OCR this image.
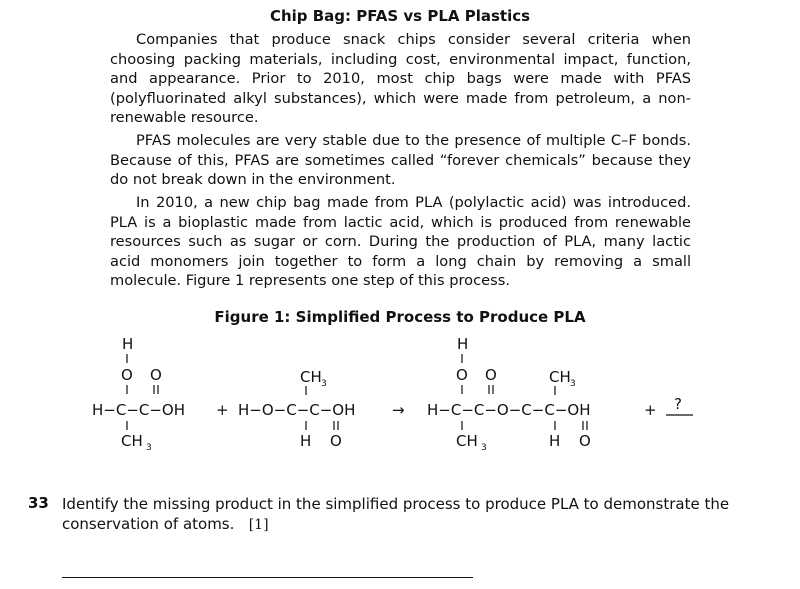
Chip Bag: PFAS vs PLA Plastics

Companies that produce snack chips consider several criteria when choosing packing materials, including cost, environmental impact, function, and appearance. Prior to 2010, most chip bags were made with PFAS (polyfluorinated alkyl substances), which were made from petroleum, a non-renewable resource.

PFAS molecules are very stable due to the presence of multiple C–F bonds. Because of this, PFAS are sometimes called “forever chemicals” because they do not break down in the environment.

In 2010, a new chip bag made from PLA (polylactic acid) was introduced. PLA is a bioplastic made from lactic acid, which is produced from renewable resources such as sugar or corn. During the production of PLA, many lactic acid monomers join together to form a long chain by removing a small molecule. Figure 1 represents one step of this process.

Figure 1: Simplified Process to Produce PLA
H
O O
H−C−C−OH
CH 3
+
CH 3
H−O−C−C−OH
H O
→
H
O O	CH 3
H−C−C−O−C−C−OH
CH 3	H O
+ ?
33 Identify the missing product in the simplified process to produce PLA to demonstrate the conservation of atoms. [1]
